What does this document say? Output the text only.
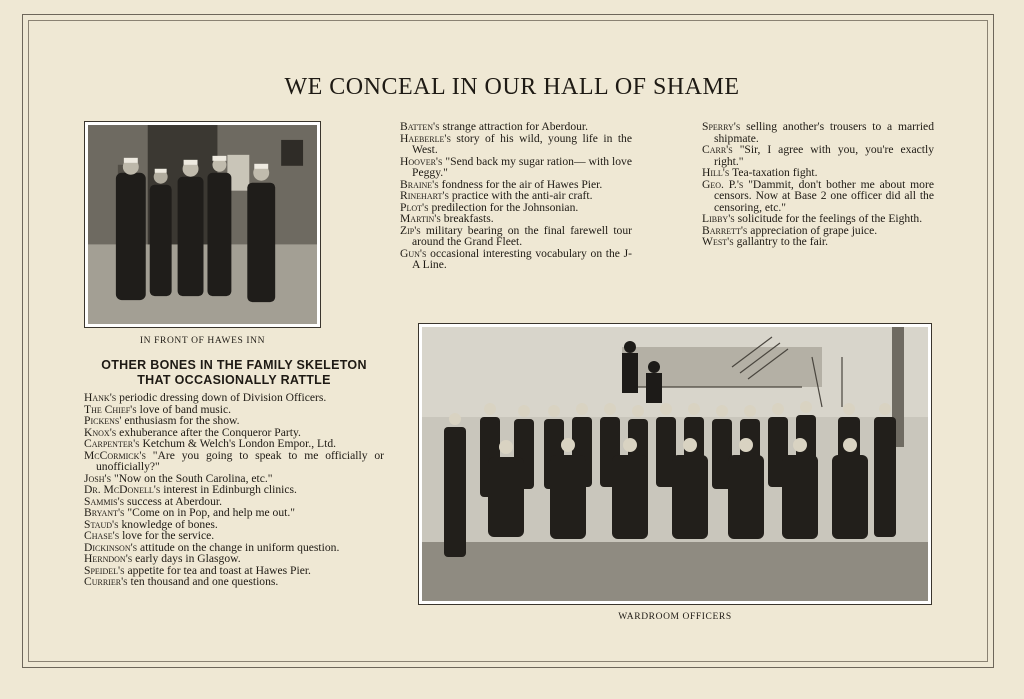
WE CONCEAL IN OUR HALL OF SHAME
IN FRONT OF HAWES INN
OTHER BONES IN THE FAMILY SKELETON THAT OCCASIONALLY RATTLE
Hank's periodic dressing down of Division Officers.
The Chief's love of band music.
Pickens' enthusiasm for the show.
Knox's exhuberance after the Conqueror Party.
Carpenter's Ketchum & Welch's London Empor., Ltd.
McCormick's "Are you going to speak to me officially or unofficially?"
Josh's "Now on the South Carolina, etc."
Dr. McDonell's interest in Edinburgh clinics.
Sammis's success at Aberdour.
Bryant's "Come on in Pop, and help me out."
Staud's knowledge of bones.
Chase's love for the service.
Dickinson's attitude on the change in uniform question.
Herndon's early days in Glasgow.
Speidel's appetite for tea and toast at Hawes Pier.
Currier's ten thousand and one questions.
Batten's strange attraction for Aberdour.
Haeberle's story of his wild, young life in the West.
Hoover's "Send back my sugar ration— with love Peggy."
Braine's fondness for the air of Hawes Pier.
Rinehart's practice with the anti-air craft.
Plot's predilection for the Johnsonian.
Martin's breakfasts.
Zip's military bearing on the final farewell tour around the Grand Fleet.
Gun's occasional interesting vocabulary on the J-A Line.
Sperry's selling another's trousers to a married shipmate.
Carr's "Sir, I agree with you, you're exactly right."
Hill's Tea-taxation fight.
Geo. P.'s "Dammit, don't bother me about more censors. Now at Base 2 one officer did all the censoring, etc."
Libby's solicitude for the feelings of the Eighth.
Barrett's appreciation of grape juice.
West's gallantry to the fair.
WARDROOM OFFICERS
